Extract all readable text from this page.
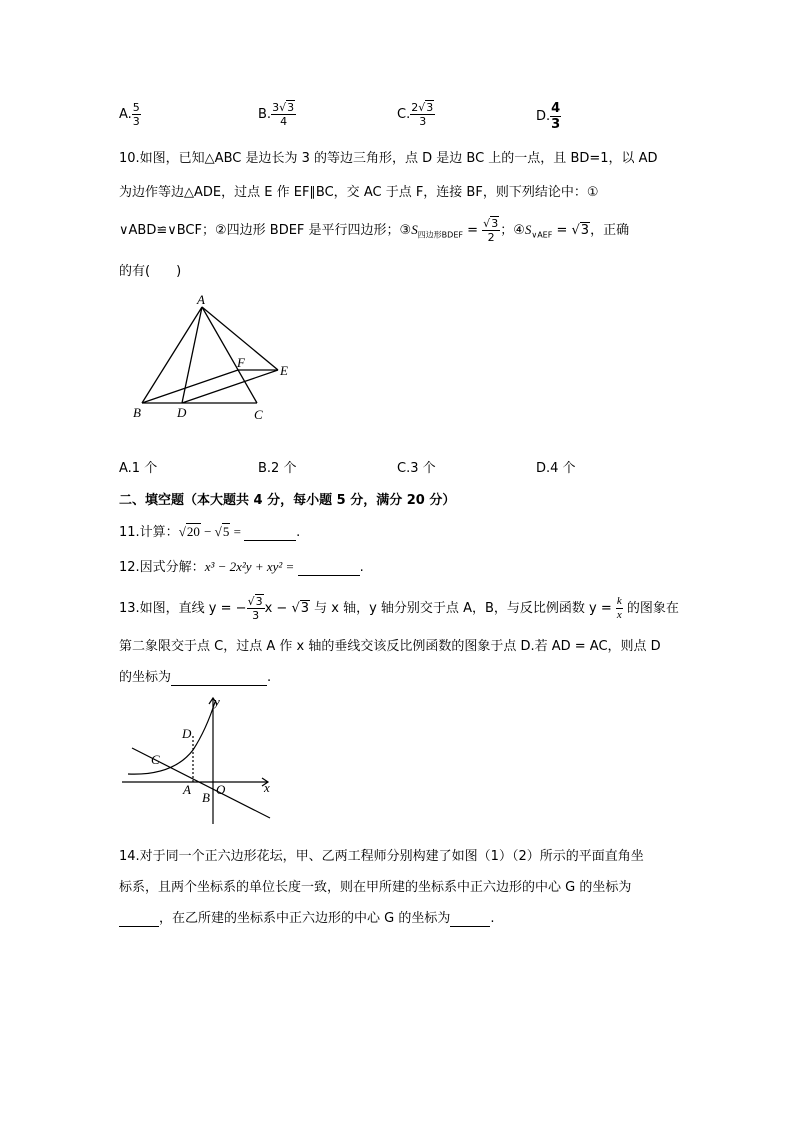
A. $\frac{5}{3}$	B. $\frac{3√3}{4}$	C. $\frac{2√3}{3}$	D. $\frac{4}{3}$
10.如图，已知△ABC 是边长为 3 的等边三角形，点 D 是边 BC 上的一点，且 BD=1，以 AD
为边作等边△ADE，过点 E 作 EF∥BC，交 AC 于点 F，连接 BF，则下列结论中：①
∨ABD≌∨BCF；②四边形 BDEF 是平行四边形；$③S_{四边形BDEF} = \frac{√3}{2}$ ；$④S_{\vee AEF} = √3$，正确
的有(　　)
A
B	D	C
F
E
A.1 个	B.2 个	C.3 个	D.4 个
二、填空题（本大题共 4 分，每小题 5 分，满分 20 分）
11.计算：√20 − √5 =	.
12.因式分解：x³ − 2x²y + xy² =	.
13.如图，直线 y = − $\frac{√3}{3}$ x − √3 与 x 轴，y 轴分别交于点 A，B，与反比例函数 $y = \frac{k}{x}$ 的图象在
第二象限交于点 C，过点 A 作 x 轴的垂线交该反比例函数的图象于点 D.若 AD = AC，则点 D
的坐标为	.
y
x
O
A
B
C
D
14.对于同一个正六边形花坛，甲、乙两工程师分别构建了如图（1）（2）所示的平面直角坐
标系，且两个坐标系的单位长度一致，则在甲所建的坐标系中正六边形的中心 G 的坐标为
，在乙所建的坐标系中正六边形的中心 G 的坐标为	.
